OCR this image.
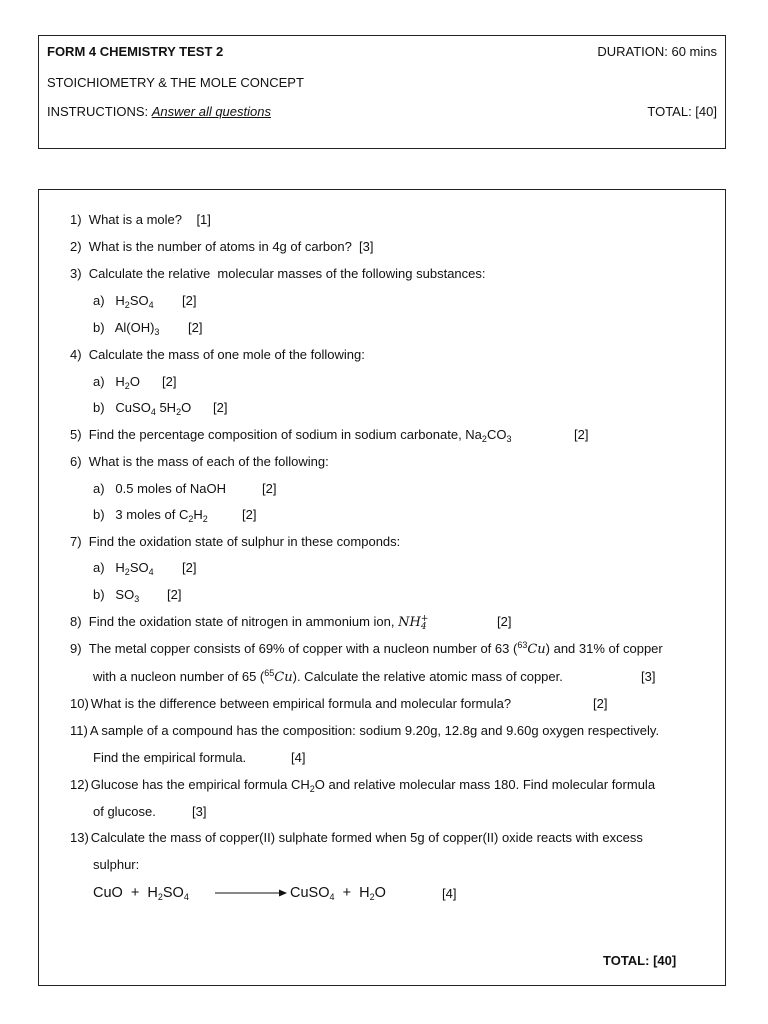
FORM 4 CHEMISTRY TEST 2	DURATION: 60 mins
STOICHIOMETRY & THE MOLE CONCEPT
INSTRUCTIONS: Answer all questions	TOTAL: [40]
1) What is a mole?    [1]
2) What is the number of atoms in 4g of carbon?  [3]
3) Calculate the relative  molecular masses of the following substances:
a) $H_2SO_4$ [2]
b) $Al(OH)_3$ [2]
4) Calculate the mass of one mole of the following:
a) $H_2O$ [2]
b) CuSO$_4$ $5H_2O$ [2]
5) Find the percentage composition of sodium in sodium carbonate, $Na_2CO_3$	[2]
6) What is the mass of each of the following:
a) 0.5 moles of NaOH	[2]
b) 3 moles of $C_2H_2$	[2]
7) Find the oxidation state of sulphur in these componds:
a) $H_2SO_4$ [2]
b) $SO_3$ [2]
8) Find the oxidation state of nitrogen in ammonium ion, NH +
4	[2]
9) The metal copper consists of 69% of copper with a nucleon number of 63 ($^{63}$Cu) and 31% of copper
with a nucleon number of 65 ($^{65}$Cu). Calculate the relative atomic mass of copper.	[3]
10) What is the difference between empirical formula and molecular formula?	[2]
11) A sample of a compound has the composition: sodium 9.20g, 12.8g and 9.60g oxygen respectively.
Find the empirical formula.	[4]
12) Glucose has the empirical formula $CH_2O$ and relative molecular mass 180. Find molecular formula
of glucose.	[3]
13) Calculate the mass of copper(II) sulphate formed when 5g of copper(II) oxide reacts with excess
sulphur:
CuO  +  $H_2SO_4$	CuSO$_4$  +  $H_2O$	[4]
TOTAL: [40]
